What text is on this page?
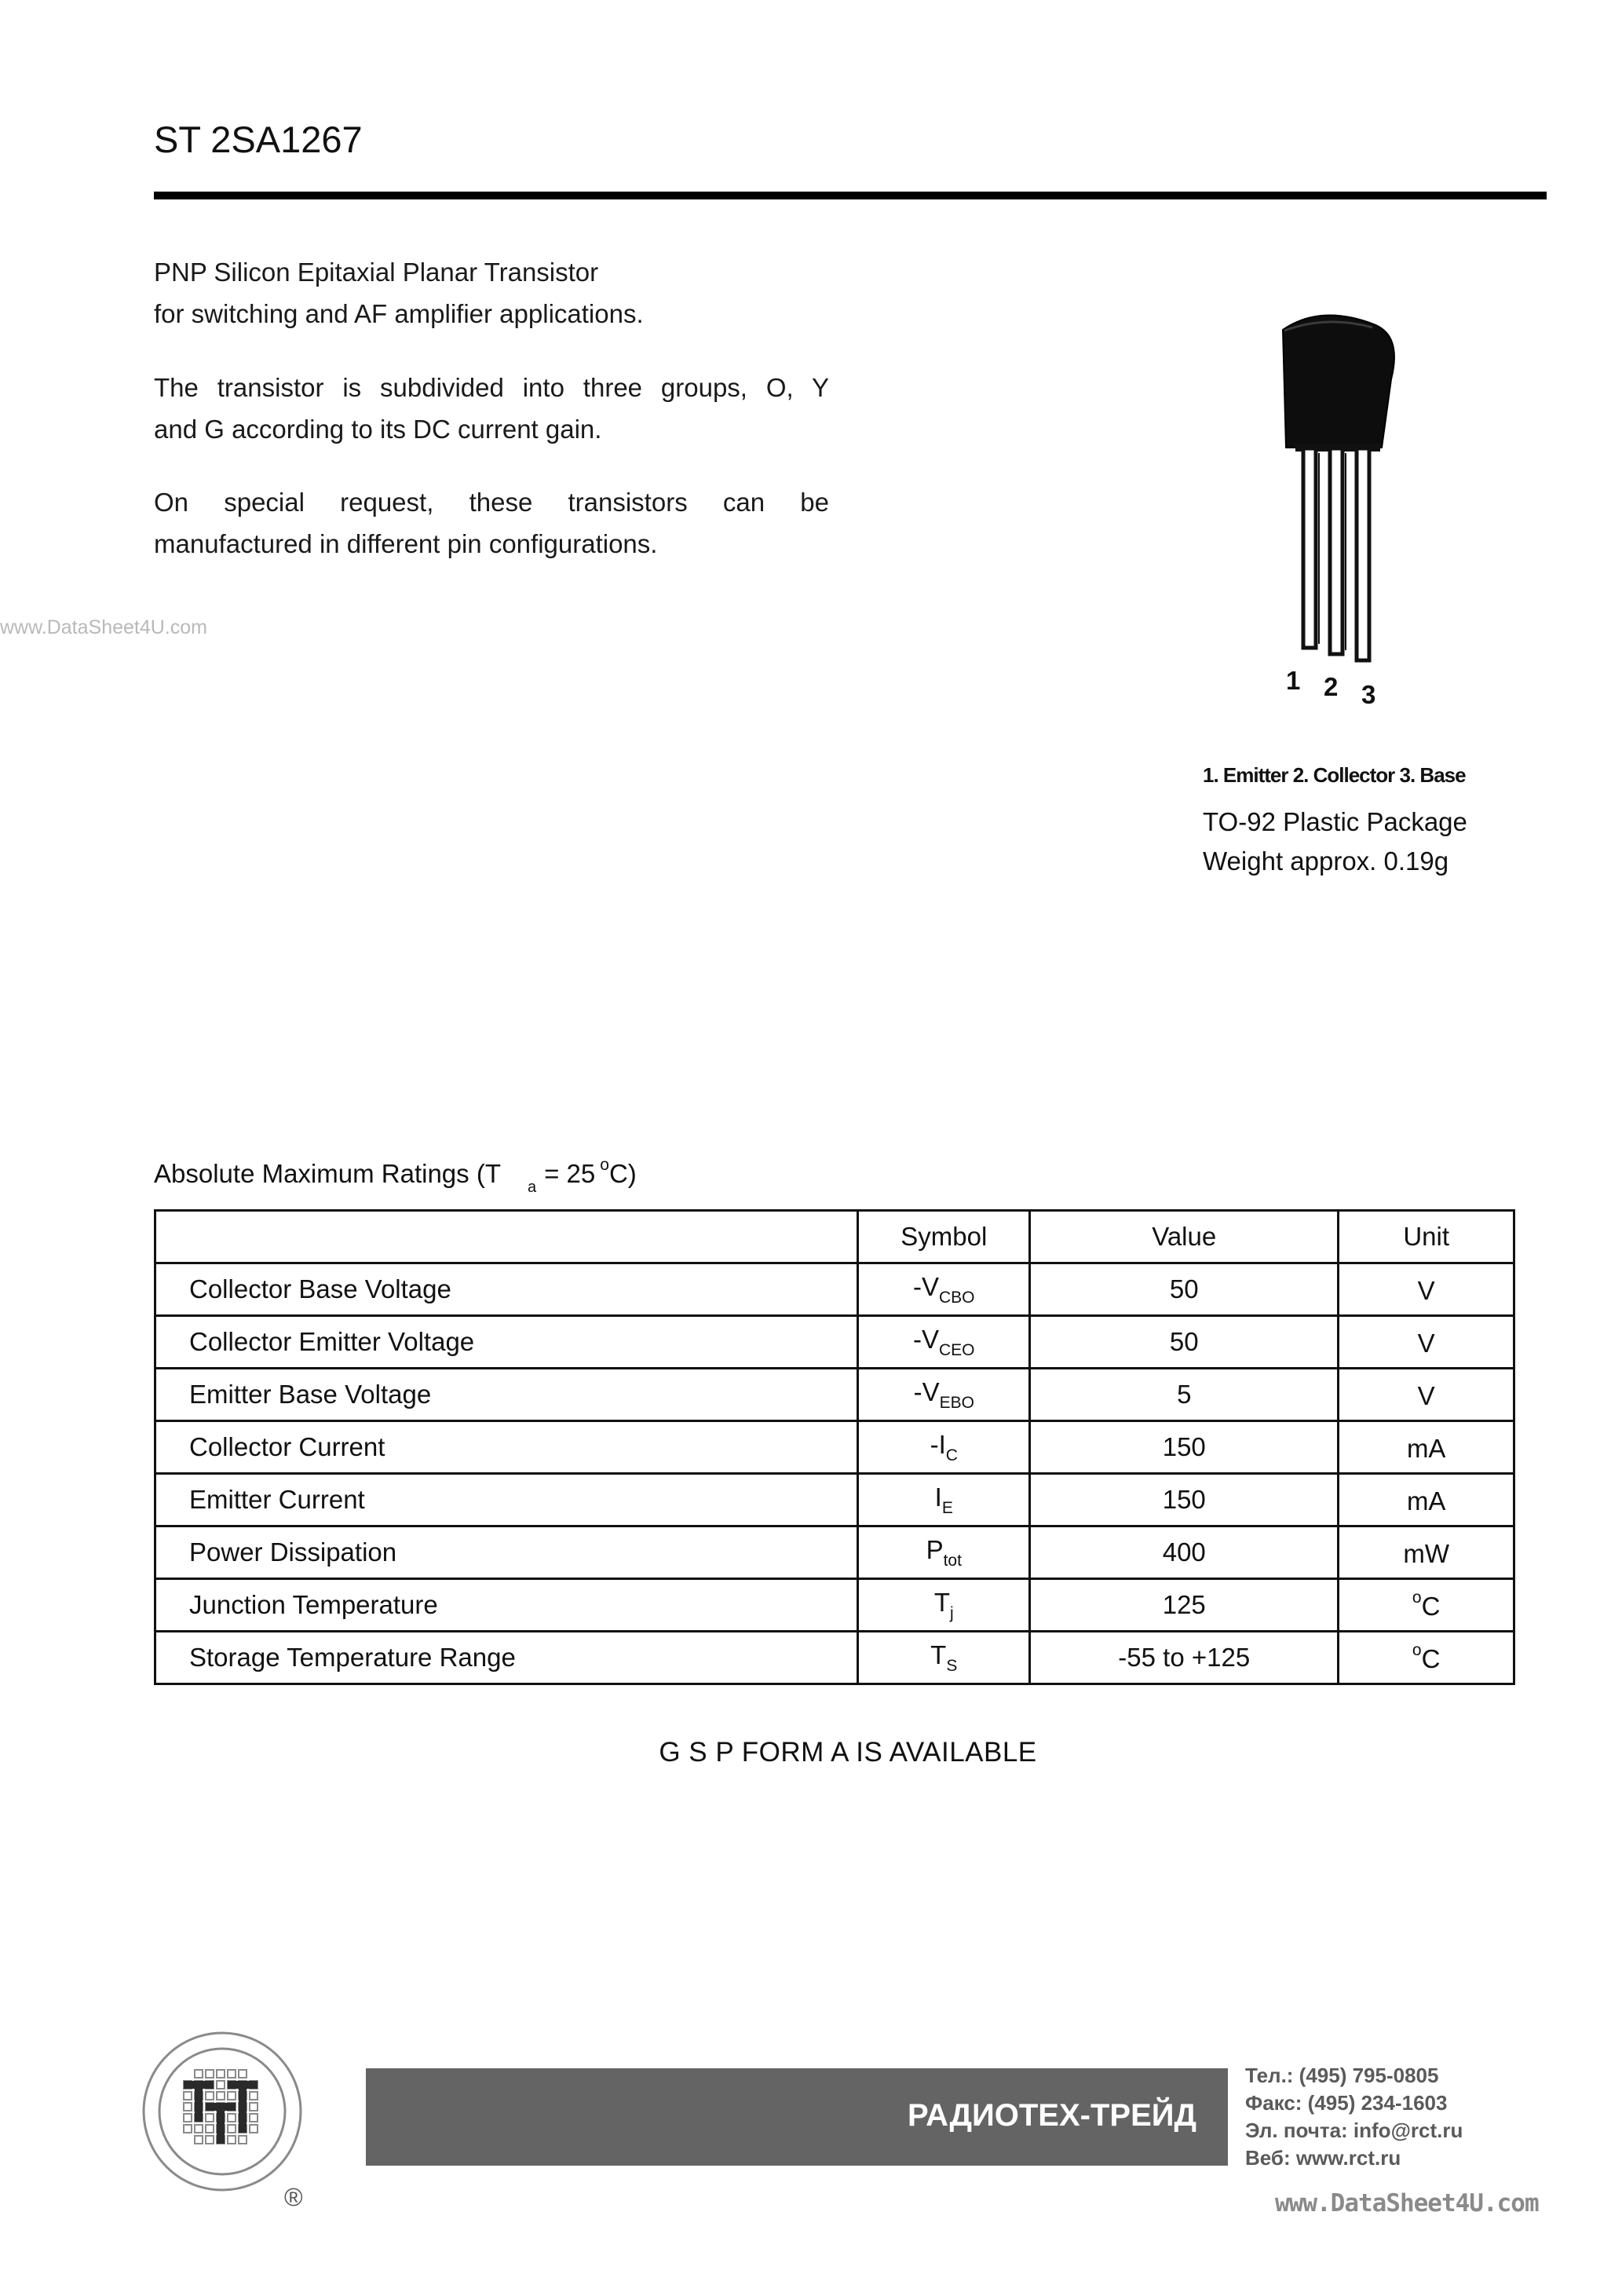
ST 2SA1267
PNP Silicon Epitaxial Planar Transistor
for switching and AF amplifier applications.
The transistor is subdivided into three groups, O, Y
and G according to its DC current gain.
On special request, these transistors can be
manufactured in different pin configurations.
www.DataSheet4U.com
1 2 3
1. Emitter 2. Collector 3. Base
TO-92 Plastic Package
Weight approx. 0.19g
Absolute Maximum Ratings (T $_a$ = 25 $^o$C)
	Symbol	Value	Unit
Collector Base Voltage	$-V_{CBO}$	50	V
Collector Emitter Voltage	$-V_{CEO}$	50	V
Emitter Base Voltage	$-V_{EBO}$	5	V
Collector Current	$-I_C$	150	mA
Emitter Current	$I_E$	150	mA
Power Dissipation	$P_{tot}$	400	mW
Junction Temperature	$T_j$	125	$^o$C
Storage Temperature Range	$T_S$	-55 to +125	$^o$C
G S P FORM A IS AVAILABLE
®
РАДИОТЕХ-ТРЕЙД
Тел.: (495) 795-0805
Факс: (495) 234-1603
Эл. почта: info@rct.ru
Веб: www.rct.ru
www.DataSheet4U.com
